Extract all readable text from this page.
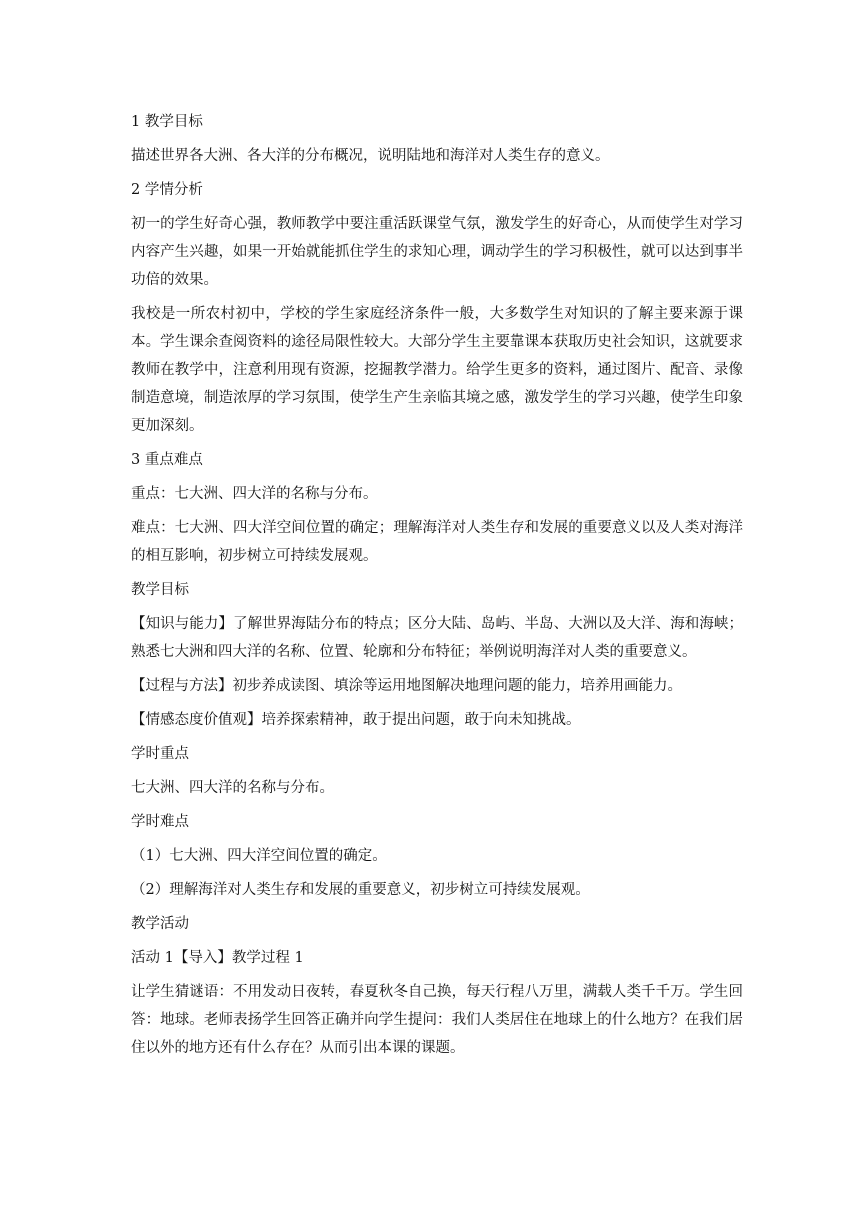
1 教学目标

描述世界各大洲、各大洋的分布概况，说明陆地和海洋对人类生存的意义。

2 学情分析

初一的学生好奇心强，教师教学中要注重活跃课堂气氛，激发学生的好奇心，从而使学生对学习内容产生兴趣，如果一开始就能抓住学生的求知心理，调动学生的学习积极性，就可以达到事半功倍的效果。

我校是一所农村初中，学校的学生家庭经济条件一般，大多数学生对知识的了解主要来源于课本。学生课余查阅资料的途径局限性较大。大部分学生主要靠课本获取历史社会知识，这就要求教师在教学中，注意利用现有资源，挖掘教学潜力。给学生更多的资料，通过图片、配音、录像制造意境，制造浓厚的学习氛围，使学生产生亲临其境之感，激发学生的学习兴趣，使学生印象更加深刻。

3 重点难点

重点：七大洲、四大洋的名称与分布。

难点：七大洲、四大洋空间位置的确定；理解海洋对人类生存和发展的重要意义以及人类对海洋的相互影响，初步树立可持续发展观。

教学目标

【知识与能力】了解世界海陆分布的特点；区分大陆、岛屿、半岛、大洲以及大洋、海和海峡；熟悉七大洲和四大洋的名称、位置、轮廓和分布特征；举例说明海洋对人类的重要意义。

【过程与方法】初步养成读图、填涂等运用地图解决地理问题的能力，培养用画能力。

【情感态度价值观】培养探索精神，敢于提出问题，敢于向未知挑战。

学时重点

七大洲、四大洋的名称与分布。

学时难点

（1）七大洲、四大洋空间位置的确定。

（2）理解海洋对人类生存和发展的重要意义，初步树立可持续发展观。

教学活动

活动 1【导入】教学过程 1

让学生猜谜语：不用发动日夜转，春夏秋冬自己换，每天行程八万里，满载人类千千万。学生回答：地球。老师表扬学生回答正确并向学生提问：我们人类居住在地球上的什么地方？在我们居住以外的地方还有什么存在？从而引出本课的课题。
